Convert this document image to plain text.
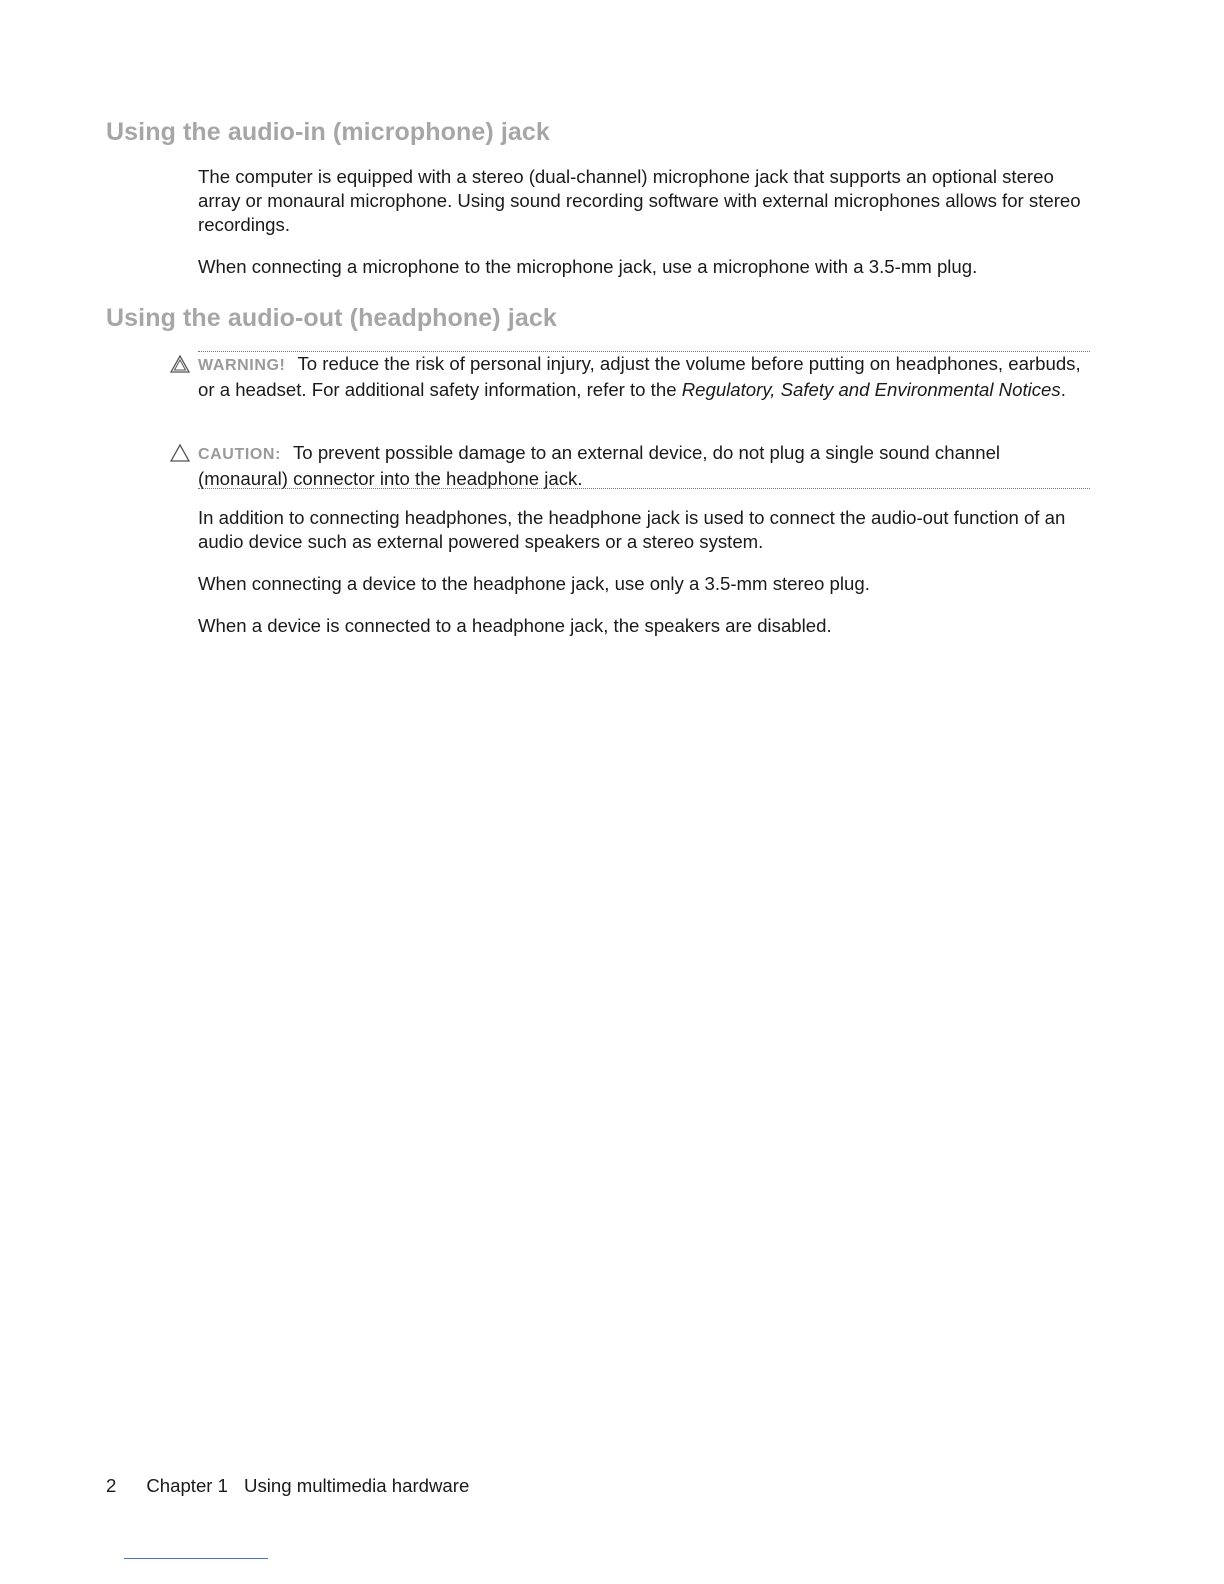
Using the audio-in (microphone) jack

The computer is equipped with a stereo (dual-channel) microphone jack that supports an optional stereo array or monaural microphone. Using sound recording software with external microphones allows for stereo recordings.

When connecting a microphone to the microphone jack, use a microphone with a 3.5-mm plug.

Using the audio-out (headphone) jack

WARNING! To reduce the risk of personal injury, adjust the volume before putting on headphones, earbuds, or a headset. For additional safety information, refer to the Regulatory, Safety and Environmental Notices.

CAUTION: To prevent possible damage to an external device, do not plug a single sound channel (monaural) connector into the headphone jack.

In addition to connecting headphones, the headphone jack is used to connect the audio-out function of an audio device such as external powered speakers or a stereo system.

When connecting a device to the headphone jack, use only a 3.5-mm stereo plug.

When a device is connected to a headphone jack, the speakers are disabled.

2 Chapter 1 Using multimedia hardware
